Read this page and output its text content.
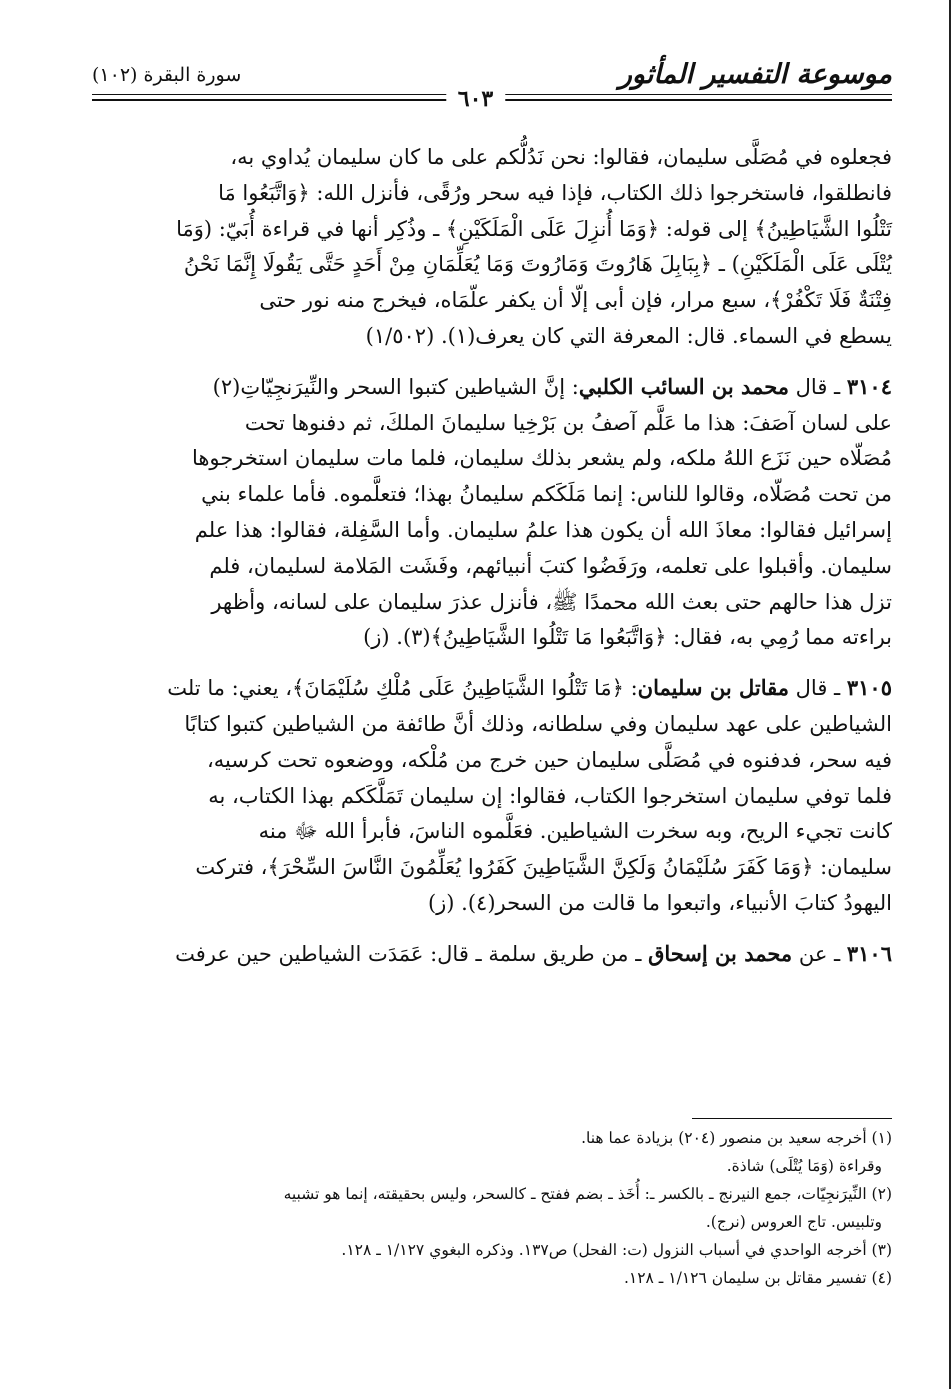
موسوعة التفسير المأثور
سورة البقرة (١٠٢)
٦٠٣

فجعلوه في مُصَلَّى سليمان، فقالوا: نحن نَدُلُّكم على ما كان سليمان يُداوي به،

فانطلقوا، فاستخرجوا ذلك الكتاب، فإذا فيه سحر ورُقًى، فأنزل الله: ﴿وَاتَّبَعُوا مَا

تَتْلُوا الشَّيَاطِينُ﴾ إلى قوله: ﴿وَمَا أُنزِلَ عَلَى الْمَلَكَيْنِ﴾ ـ وذُكِر أنها في قراءة أُبَيّ: (وَمَا

يُتْلَى عَلَى الْمَلَكَيْنِ) ـ ﴿بِبَابِلَ هَارُوتَ وَمَارُوتَ وَمَا يُعَلِّمَانِ مِنْ أَحَدٍ حَتَّى يَقُولَا إِنَّمَا نَحْنُ

فِتْنَةٌ فَلَا تَكْفُرْ﴾، سبع مرار، فإن أبى إلّا أن يكفر علّمَاه، فيخرج منه نور حتى

يسطع في السماء. قال: المعرفة التي كان يعرف(١). (١/٥٠٢)

٣١٠٤ ـ قال محمد بن السائب الكلبي: إنَّ الشياطين كتبوا السحر والنِّيرَنجِيّاتِ(٢)

على لسان آصَفَ: هذا ما عَلَّم آصفُ بن بَرْخِيا سليمانَ الملكَ، ثم دفنوها تحت

مُصَلّاه حين نَزَع اللهُ ملكه، ولم يشعر بذلك سليمان، فلما مات سليمان استخرجوها

من تحت مُصَلّاه، وقالوا للناس: إنما مَلَكَكم سليمانُ بهذا؛ فتعلَّموه. فأما علماء بني

إسرائيل فقالوا: معاذَ الله أن يكون هذا علمُ سليمان. وأما السَّفِلة، فقالوا: هذا علم

سليمان. وأقبلوا على تعلمه، ورَفَضُوا كتبَ أنبيائهم، وفَشَت المَلامة لسليمان، فلم

تزل هذا حالهم حتى بعث الله محمدًا ﷺ، فأنزل عذرَ سليمان على لسانه، وأظهر

براءته مما رُمِي به، فقال: ﴿وَاتَّبَعُوا مَا تَتْلُوا الشَّيَاطِينُ﴾(٣). (ز)

٣١٠٥ ـ قال مقاتل بن سليمان: ﴿مَا تَتْلُوا الشَّيَاطِينُ عَلَى مُلْكِ سُلَيْمَانَ﴾، يعني: ما تلت

الشياطين على عهد سليمان وفي سلطانه، وذلك أنَّ طائفة من الشياطين كتبوا كتابًا

فيه سحر، فدفنوه في مُصَلَّى سليمان حين خرج من مُلْكه، ووضعوه تحت كرسيه،

فلما توفي سليمان استخرجوا الكتاب، فقالوا: إن سليمان تَمَلَّكَكم بهذا الكتاب، به

كانت تجيء الريح، وبه سخرت الشياطين. فعَلَّموه الناسَ، فأبرأ الله ﷻ منه

سليمان: ﴿وَمَا كَفَرَ سُلَيْمَانُ وَلَكِنَّ الشَّيَاطِينَ كَفَرُوا يُعَلِّمُونَ النَّاسَ السِّحْرَ﴾، فتركت

اليهودُ كتابَ الأنبياء، واتبعوا ما قالت من السحر(٤). (ز)

٣١٠٦ ـ عن محمد بن إسحاق ـ من طريق سلمة ـ قال: عَمَدَت الشياطين حين عرفت

(١) أخرجه سعيد بن منصور (٢٠٤) بزيادة عما هنا.

وقراءة (وَمَا يُتْلَى) شاذة.

(٢) النِّيرَنجِيّات، جمع النيرنج ـ بالكسر ـ: أُخَذ ـ بضم ففتح ـ كالسحر، وليس بحقيقته، إنما هو تشبيه

وتلبيس. تاج العروس (نرج).

(٣) أخرجه الواحدي في أسباب النزول (ت: الفحل) ص١٣٧. وذكره البغوي ١/١٢٧ ـ ١٢٨.

(٤) تفسير مقاتل بن سليمان ١/١٢٦ ـ ١٢٨.
